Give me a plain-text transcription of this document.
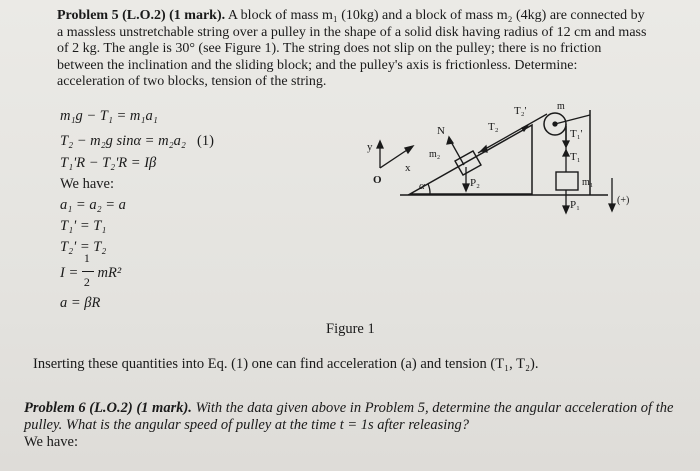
Problem 5 (L.O.2) (1 mark). A block of mass m₁ (10kg) and a block of mass m₂ (4kg) are connected by a massless unstretchable string over a pulley in the shape of a solid disk having radius of 12 cm and mass of 2 kg. The angle is 30° (see Figure 1). The string does not slip on the pulley; there is no friction between the inclination and the sliding block; and the pulley's axis is frictionless. Determine: acceleration of two blocks, tension of the string.
m₁g − T₁ = m₁a₁
T₂ − m₂g sinα = m₂a₂ (1)
T₁'R − T₂'R = Iβ
We have:
a₁ = a₂ = a
T₁' = T₁
T₂' = T₂
$I = \frac{1}{2} mR^2$
a = βR
y
x
O
N
m₂
α	P₂
T₂
T₂'	m
T₁'
T₁
m₁
P₁	(+)
Figure 1
Inserting these quantities into Eq. (1) one can find acceleration (a) and tension (T₁, T₂).
Problem 6 (L.O.2) (1 mark). With the data given above in Problem 5, determine the angular acceleration of the pulley. What is the angular speed of pulley at the time t = 1s after releasing?
We have:
